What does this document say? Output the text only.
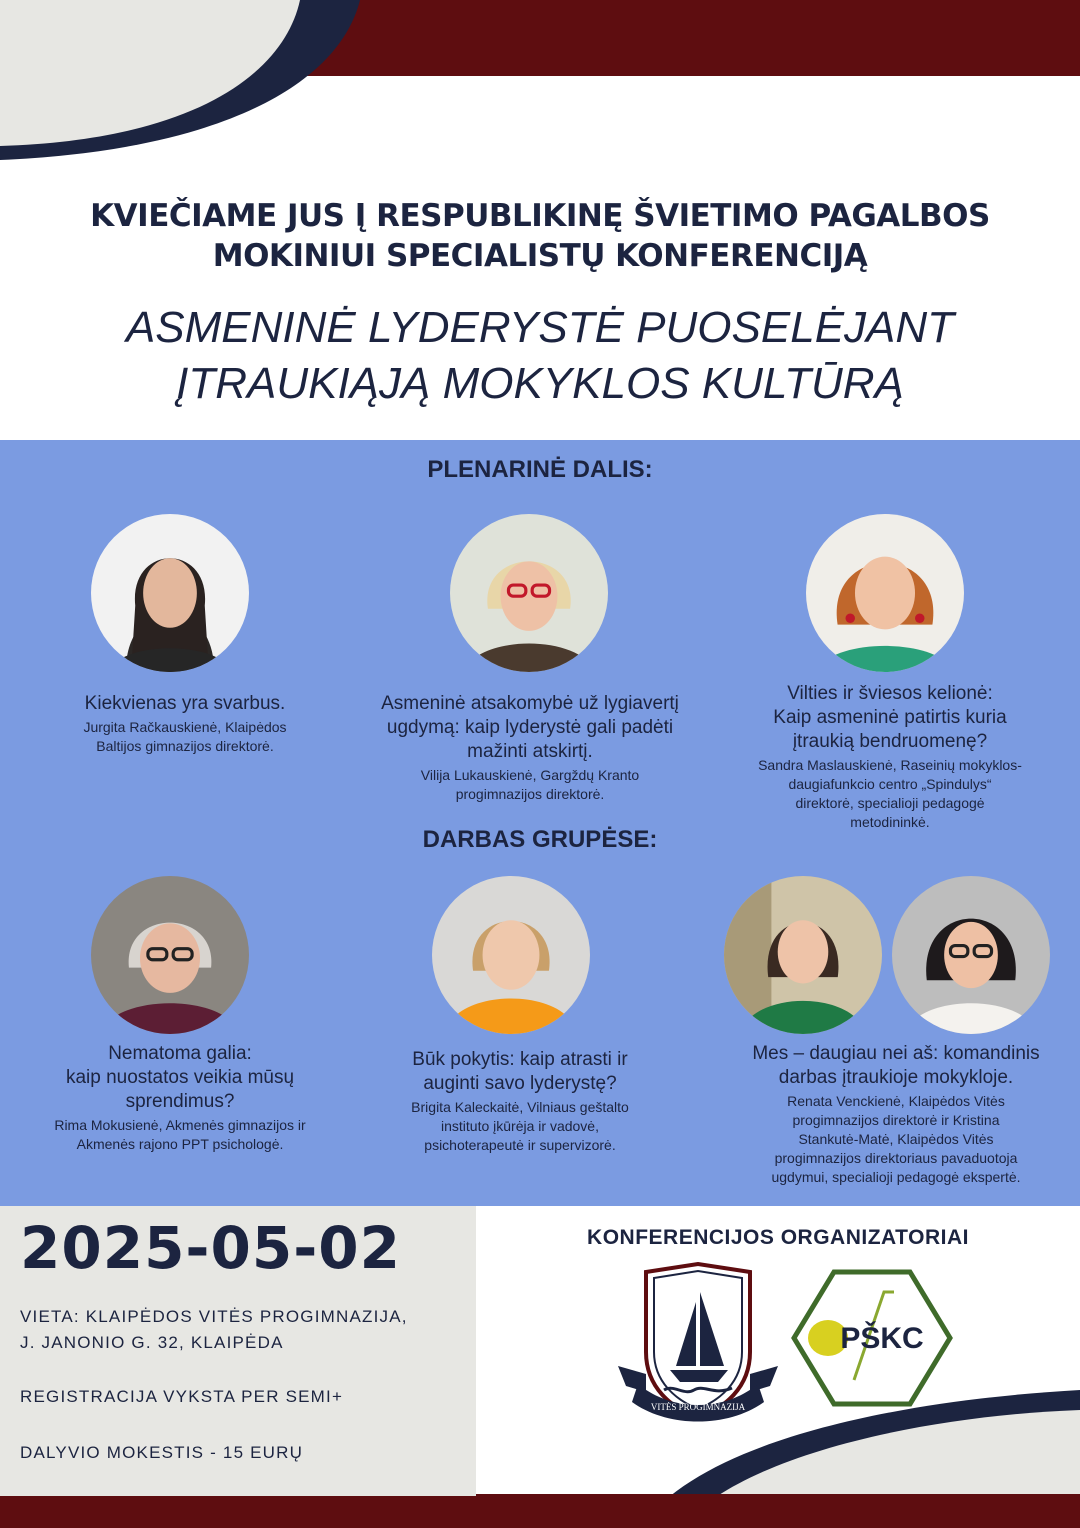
KVIEČIAME JUS Į RESPUBLIKINĘ ŠVIETIMO PAGALBOS
MOKINIUI SPECIALISTŲ KONFERENCIJĄ
ASMENINĖ LYDERYSTĖ PUOSELĖJANT
ĮTRAUKIĄJĄ MOKYKLOS KULTŪRĄ
PLENARINĖ DALIS:
Kiekvienas yra svarbus.
Jurgita Račkauskienė, Klaipėdos
Baltijos gimnazijos direktorė.
Asmeninė atsakomybė už lygiavertį
ugdymą: kaip lyderystė gali padėti
mažinti atskirtį.
Vilija Lukauskienė, Gargždų Kranto
progimnazijos direktorė.
Vilties ir šviesos kelionė:
Kaip asmeninė patirtis kuria
įtraukią bendruomenę?
Sandra Maslauskienė, Raseinių mokyklos-
daugiafunkcio centro „Spindulys“
direktorė, specialioji pedagogė
metodininkė.
DARBAS GRUPĖSE:
Nematoma galia:
kaip nuostatos veikia mūsų
sprendimus?
Rima Mokusienė, Akmenės gimnazijos ir
Akmenės rajono PPT psichologė.
Būk pokytis: kaip atrasti ir
auginti savo lyderystę?
Brigita Kaleckaitė, Vilniaus geštalto
instituto įkūrėja ir vadovė,
psichoterapeutė ir supervizorė.
Mes – daugiau nei aš: komandinis
darbas įtraukioje mokykloje.
Renata Venckienė, Klaipėdos Vitės
progimnazijos direktorė ir Kristina
Stankutė-Matė, Klaipėdos Vitės
progimnazijos direktoriaus pavaduotoja
ugdymui, specialioji pedagogė ekspertė.
2025-05-02
VIETA: KLAIPĖDOS VITĖS PROGIMNAZIJA,
J. JANONIO G. 32, KLAIPĖDA
REGISTRACIJA VYKSTA PER SEMI+
DALYVIO MOKESTIS - 15 EURŲ
KONFERENCIJOS ORGANIZATORIAI
VITĖS PROGIMNAZIJA
PŠKC
